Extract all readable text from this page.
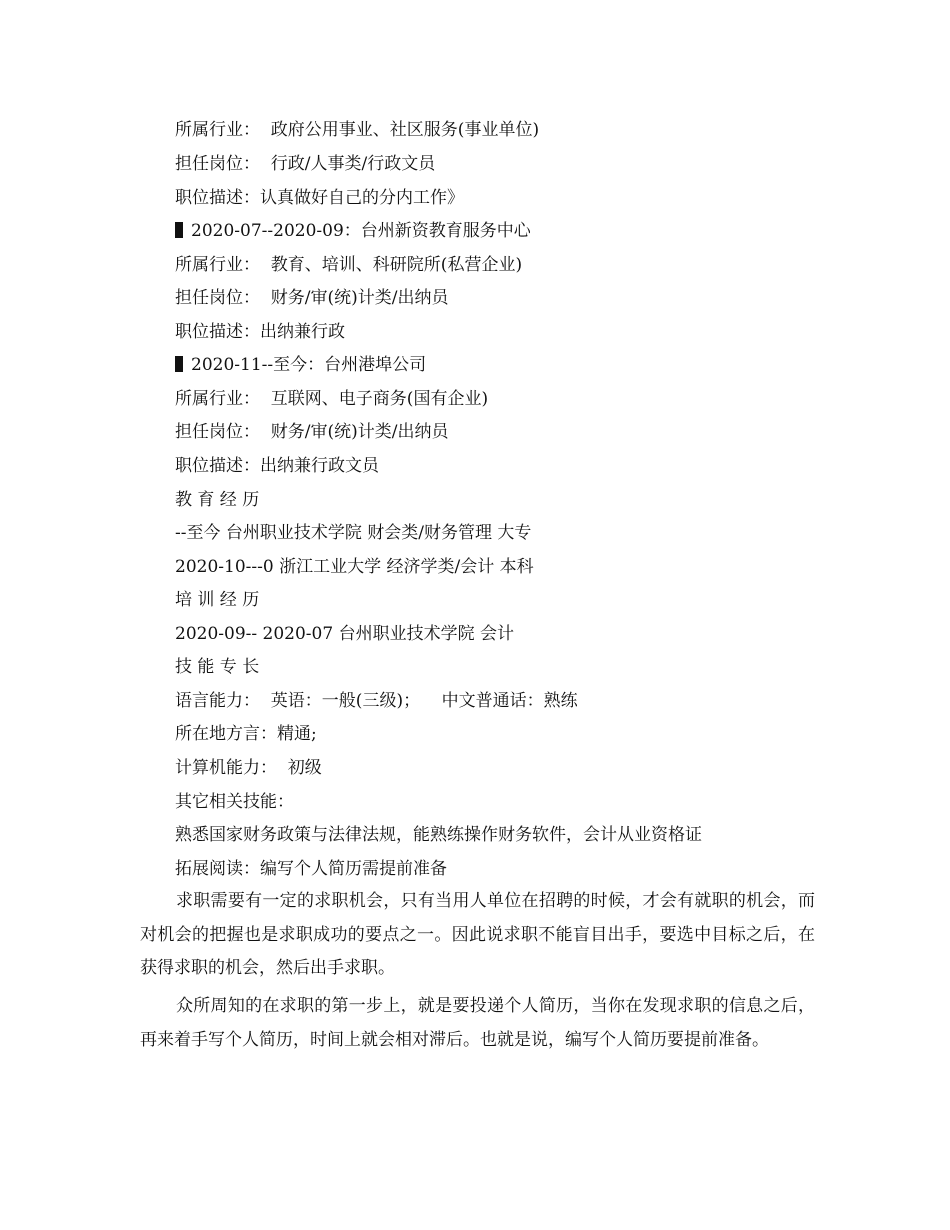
所属行业：  政府公用事业、社区服务(事业单位)
担任岗位：  行政/人事类/行政文员
职位描述：认真做好自己的分内工作》
2020-07--2020-09：台州新资教育服务中心
所属行业：  教育、培训、科研院所(私营企业)
担任岗位：  财务/审(统)计类/出纳员
职位描述：出纳兼行政
2020-11--至今：台州港埠公司
所属行业：  互联网、电子商务(国有企业)
担任岗位：  财务/审(统)计类/出纳员
职位描述：出纳兼行政文员
教 育 经 历
--至今 台州职业技术学院 财会类/财务管理 大专
2020-10---0 浙江工业大学 经济学类/会计 本科
培 训 经 历
2020-09-- 2020-07 台州职业技术学院 会计
技 能 专 长
语言能力：  英语：一般(三级)；    中文普通话：熟练
所在地方言：精通;
计算机能力：  初级
其它相关技能：
熟悉国家财务政策与法律法规，能熟练操作财务软件，会计从业资格证
拓展阅读：编写个人简历需提前准备

求职需要有一定的求职机会，只有当用人单位在招聘的时候，才会有就职的机会，而对机会的把握也是求职成功的要点之一。因此说求职不能盲目出手，要选中目标之后，在获得求职的机会，然后出手求职。

众所周知的在求职的第一步上，就是要投递个人简历，当你在发现求职的信息之后，再来着手写个人简历，时间上就会相对滞后。也就是说，编写个人简历要提前准备。
